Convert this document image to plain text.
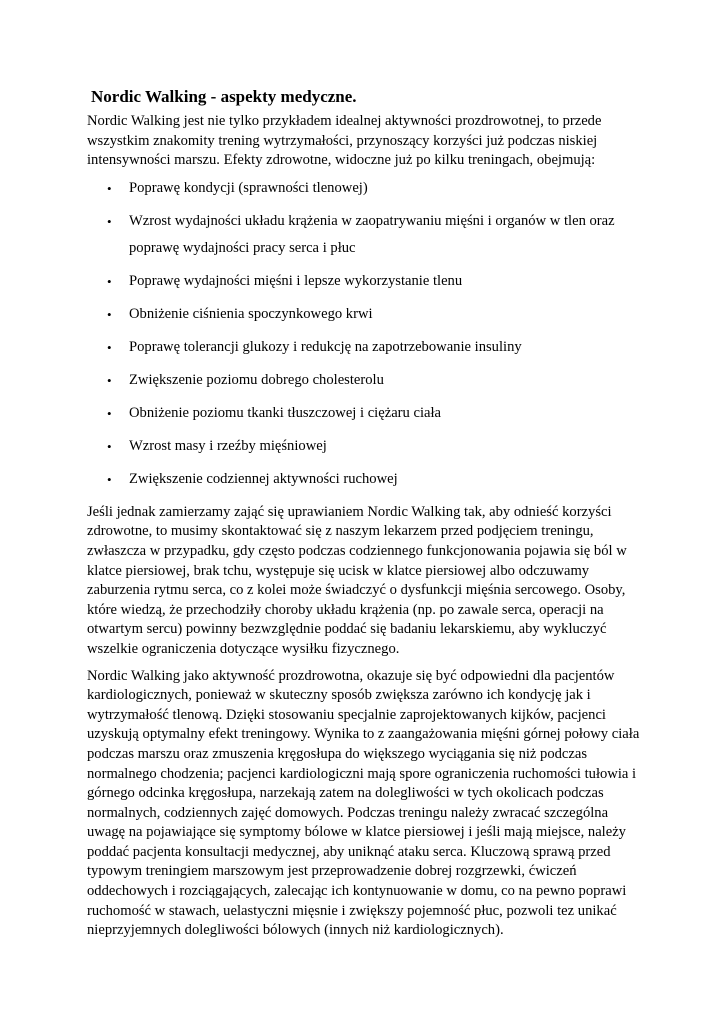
Nordic Walking - aspekty medyczne.

Nordic Walking jest nie tylko przykładem idealnej aktywności prozdrowotnej, to przede wszystkim znakomity trening wytrzymałości, przynoszący korzyści już podczas niskiej intensywności marszu. Efekty zdrowotne, widoczne już po kilku treningach, obejmują:

• Poprawę kondycji (sprawności tlenowej)
• Wzrost wydajności układu krążenia w zaopatrywaniu mięśni i organów w tlen oraz poprawę wydajności pracy serca i płuc
• Poprawę wydajności mięśni i lepsze wykorzystanie tlenu
• Obniżenie ciśnienia spoczynkowego krwi
• Poprawę tolerancji glukozy i redukcję na zapotrzebowanie insuliny
• Zwiększenie poziomu dobrego cholesterolu
• Obniżenie poziomu tkanki tłuszczowej i ciężaru ciała
• Wzrost masy i rzeźby mięśniowej
• Zwiększenie codziennej aktywności ruchowej

Jeśli jednak zamierzamy zająć się uprawianiem Nordic Walking tak, aby odnieść korzyści zdrowotne, to musimy skontaktować się z naszym lekarzem przed podjęciem treningu, zwłaszcza w przypadku, gdy często podczas codziennego funkcjonowania pojawia się ból w klatce piersiowej, brak tchu, występuje się ucisk w klatce piersiowej albo odczuwamy zaburzenia rytmu serca, co z kolei może świadczyć o dysfunkcji mięśnia sercowego. Osoby, które wiedzą, że przechodziły choroby układu krążenia (np. po zawale serca, operacji na otwartym sercu) powinny bezwzględnie poddać się badaniu lekarskiemu, aby wykluczyć wszelkie ograniczenia dotyczące wysiłku fizycznego.

Nordic Walking jako aktywność prozdrowotna, okazuje się być odpowiedni dla pacjentów kardiologicznych, ponieważ w skuteczny sposób zwiększa zarówno ich kondycję jak i wytrzymałość tlenową. Dzięki stosowaniu specjalnie zaprojektowanych kijków, pacjenci uzyskują optymalny efekt treningowy. Wynika to z zaangażowania mięśni górnej połowy ciała podczas marszu oraz zmuszenia kręgosłupa do większego wyciągania się niż podczas normalnego chodzenia; pacjenci kardiologiczni mają spore ograniczenia ruchomości tułowia i górnego odcinka kręgosłupa, narzekają zatem na dolegliwości w tych okolicach podczas normalnych, codziennych zajęć domowych. Podczas treningu należy zwracać szczególna uwagę na pojawiające się symptomy bólowe w klatce piersiowej i jeśli mają miejsce, należy poddać pacjenta konsultacji medycznej, aby uniknąć ataku serca. Kluczową sprawą przed typowym treningiem marszowym jest przeprowadzenie dobrej rozgrzewki, ćwiczeń oddechowych i rozciągających, zalecając ich kontynuowanie w domu, co na pewno poprawi ruchomość w stawach, uelastyczni mięsnie i zwiększy pojemność płuc, pozwoli tez unikać nieprzyjemnych dolegliwości bólowych (innych niż kardiologicznych).
